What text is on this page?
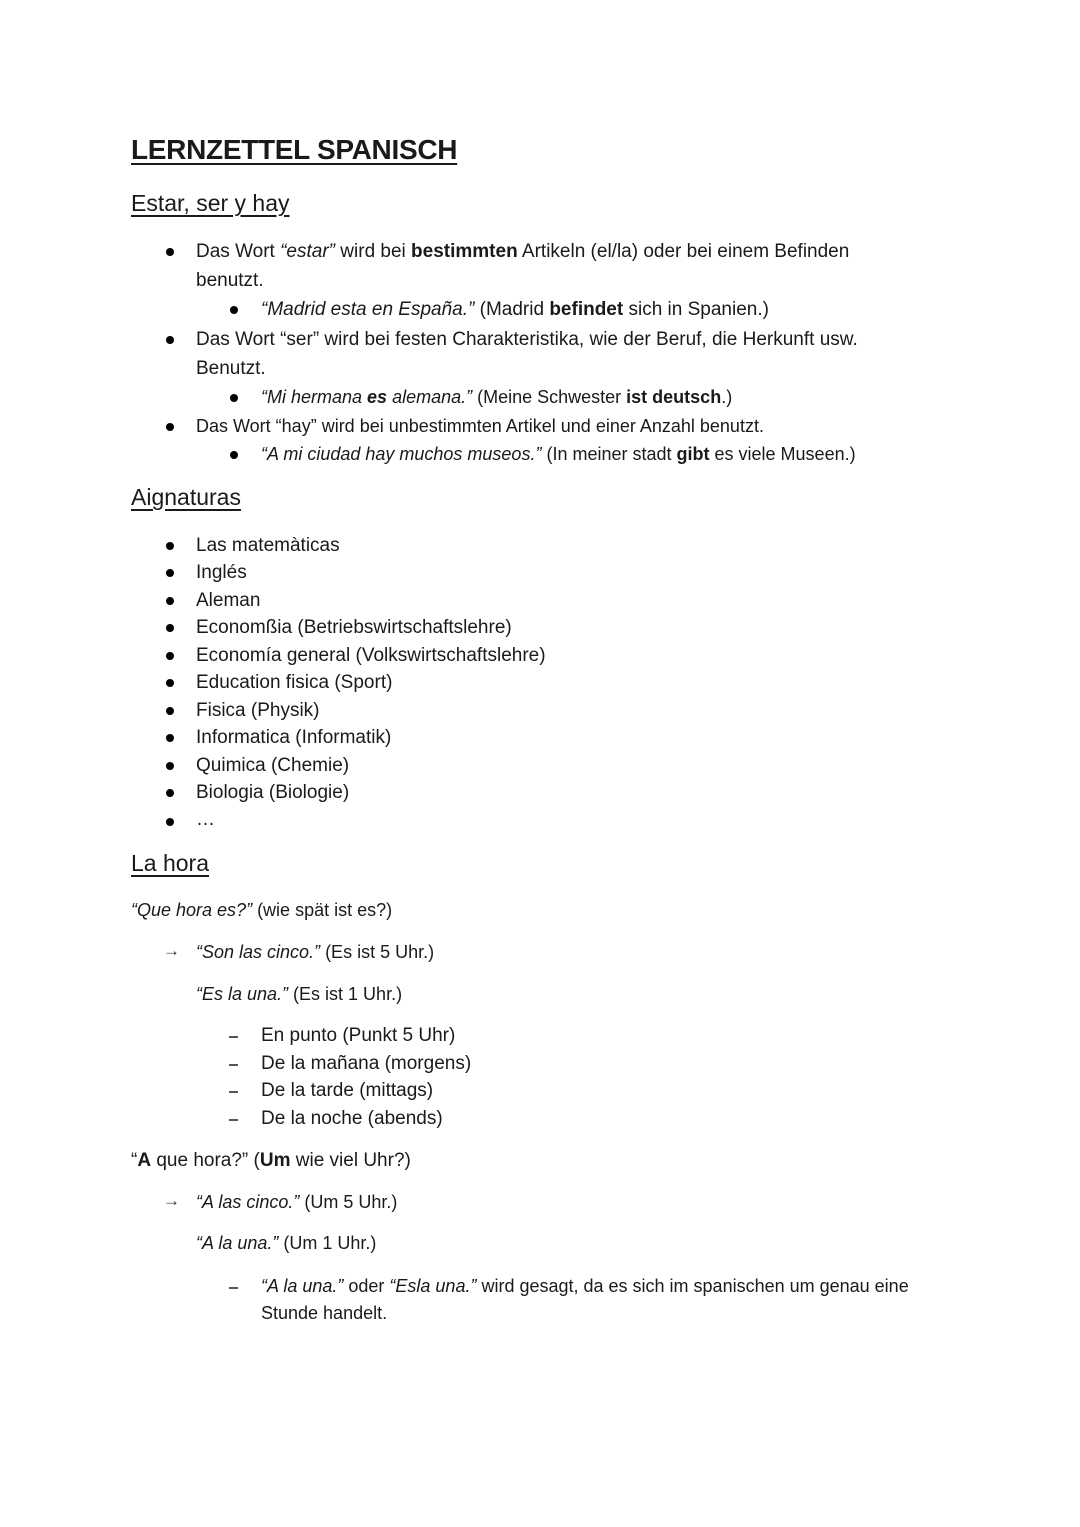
LERNZETTEL SPANISCH
Estar, ser y hay
Das Wort “estar” wird bei bestimmten Artikeln (el/la) oder bei einem Befinden
benutzt.
“Madrid esta en España.” (Madrid befindet sich in Spanien.)
Das Wort “ser” wird bei festen Charakteristika, wie der Beruf, die Herkunft usw.
Benutzt.
“Mi hermana es alemana.” (Meine Schwester ist deutsch.)
Das Wort “hay” wird bei unbestimmten Artikel und einer Anzahl benutzt.
“A mi ciudad hay muchos museos.” (In meiner stadt gibt es viele Museen.)
Aignaturas
Las matemàticas
Inglés
Aleman
Economßia (Betriebswirtschaftslehre)
Economía general (Volkswirtschaftslehre)
Education fisica (Sport)
Fisica (Physik)
Informatica (Informatik)
Quimica (Chemie)
Biologia (Biologie)
…
La hora
“Que hora es?” (wie spät ist es?)
→ “Son las cinco.” (Es ist 5 Uhr.)
“Es la una.” (Es ist 1 Uhr.)
En punto (Punkt 5 Uhr)
De la mañana (morgens)
De la tarde (mittags)
De la noche (abends)
“A que hora?” (Um wie viel Uhr?)
→ “A las cinco.” (Um 5 Uhr.)
“A la una.” (Um 1 Uhr.)
“A la una.” oder “Esla una.” wird gesagt, da es sich im spanischen um genau eine
Stunde handelt.
